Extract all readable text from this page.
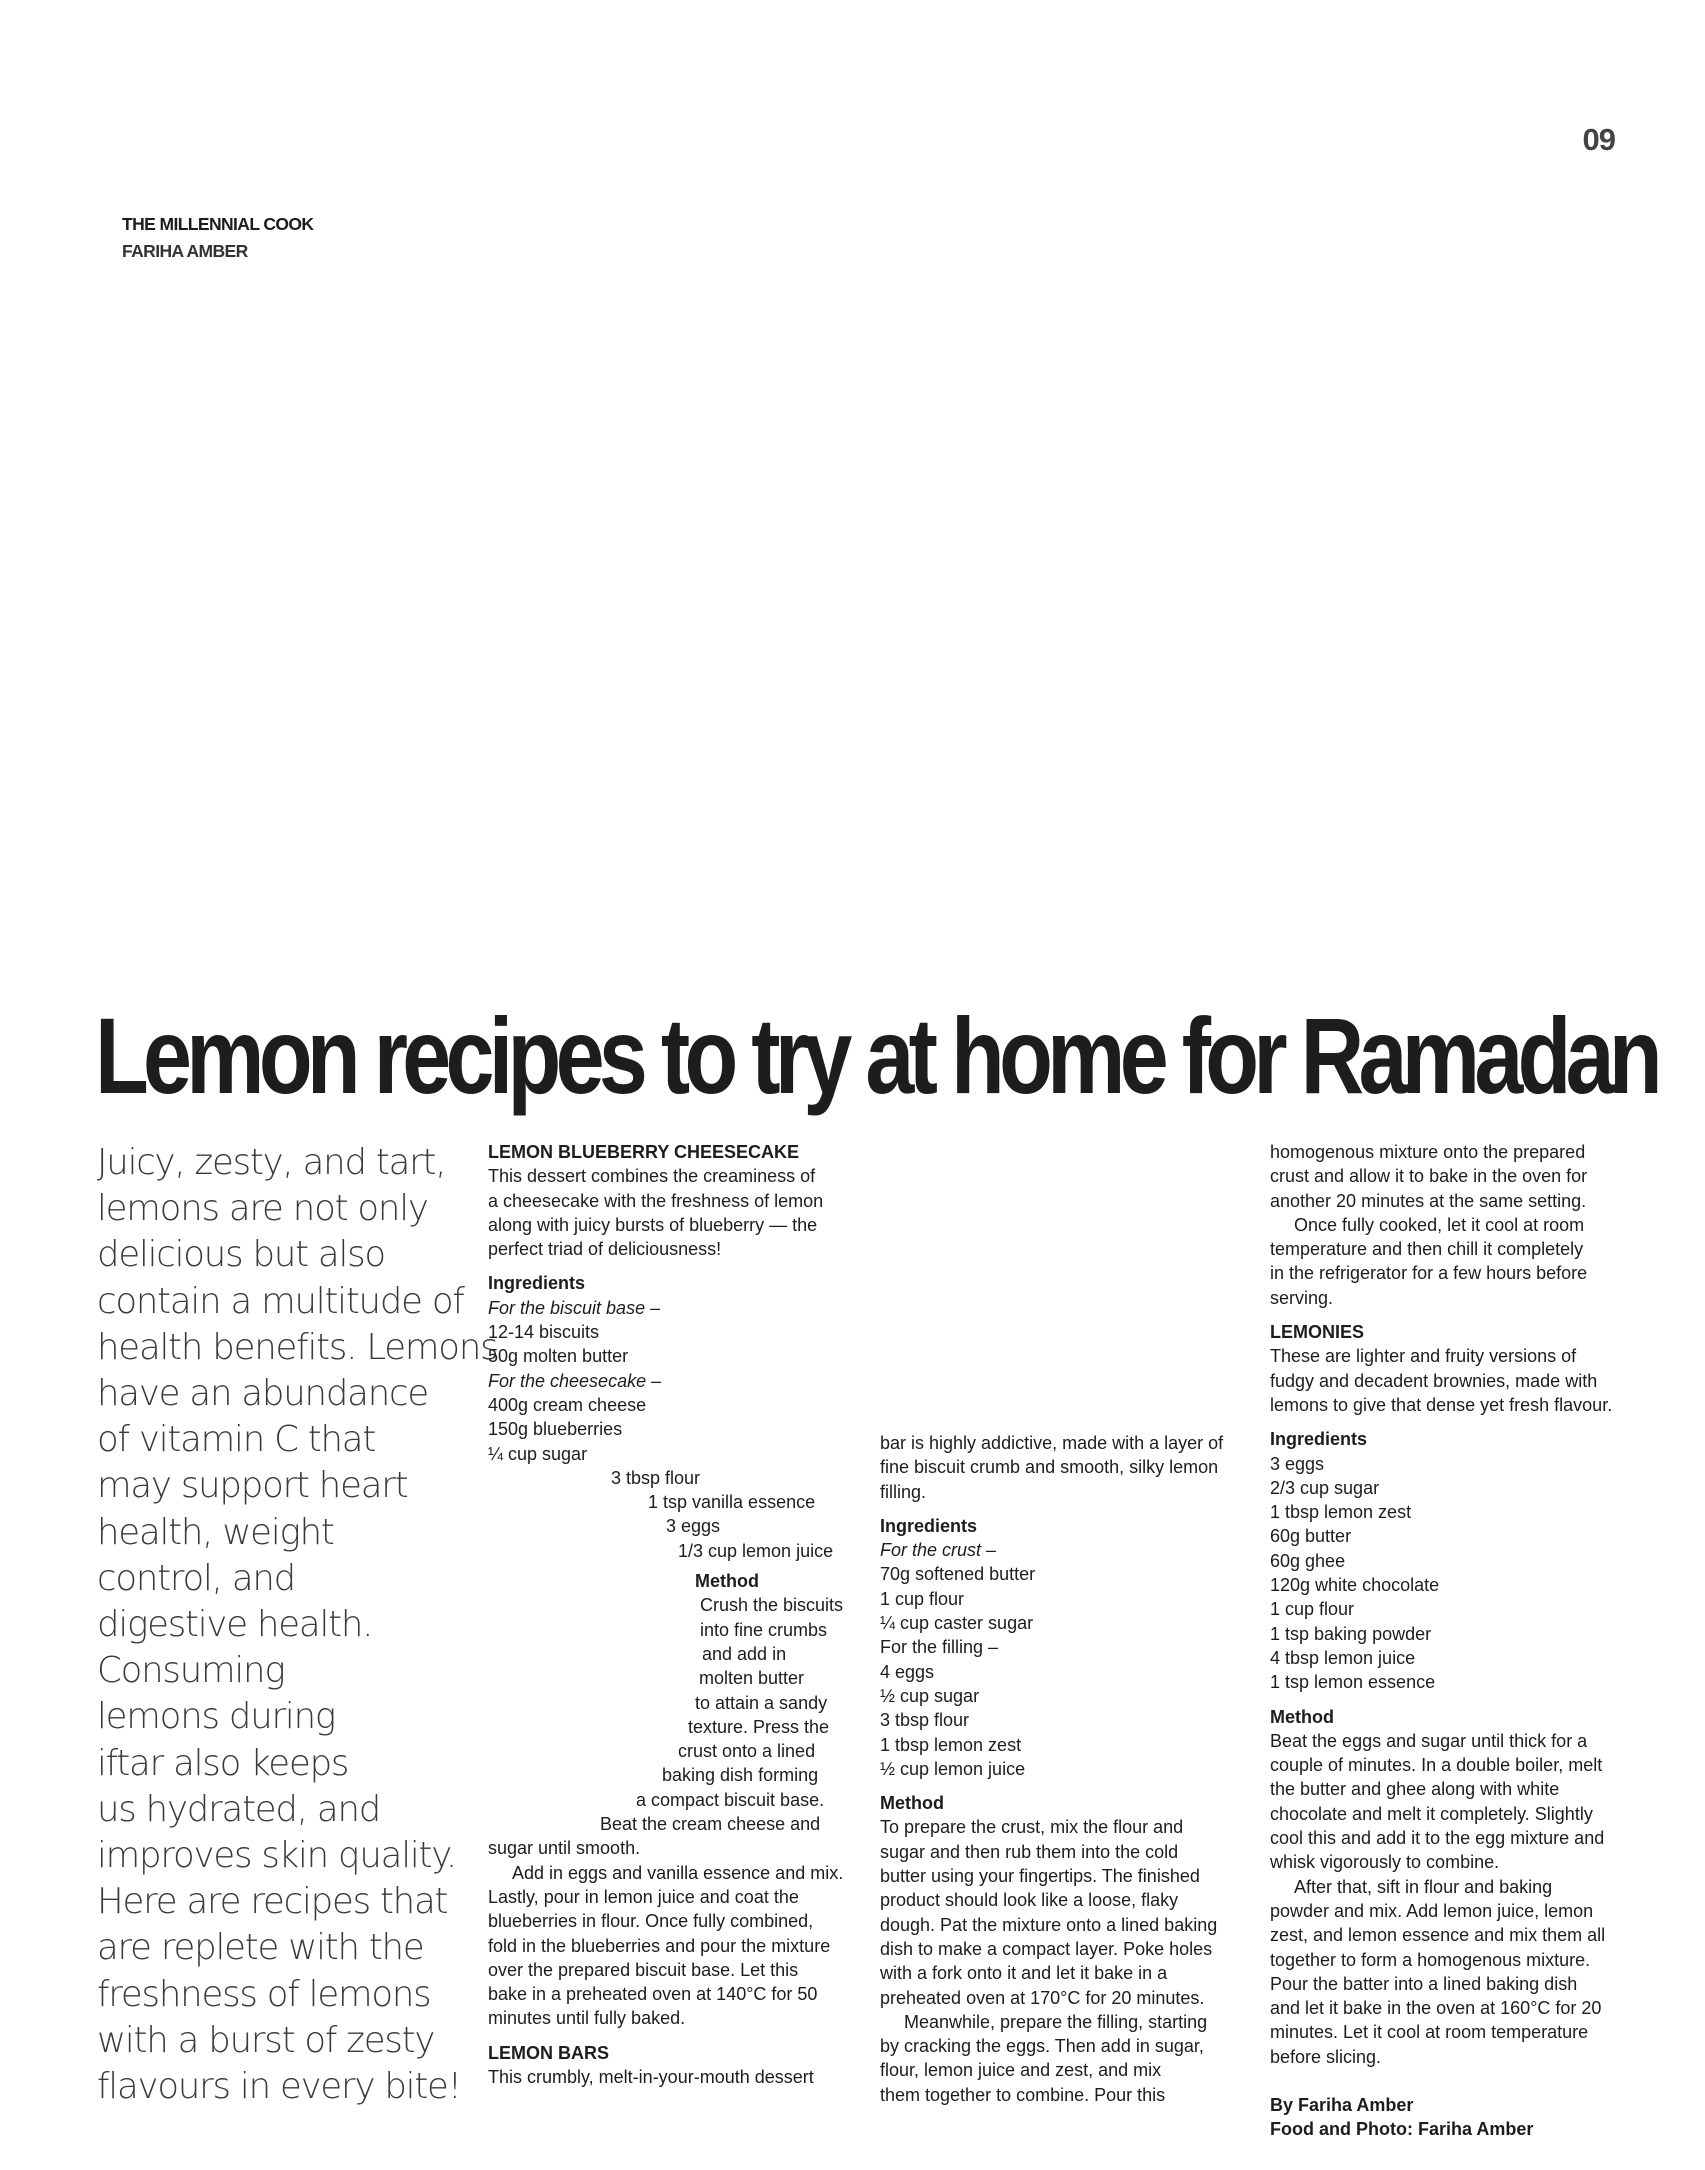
09
THE MILLENNIAL COOK
FARIHA AMBER
Lemon recipes to try at home for Ramadan
Juicy, zesty, and tart,
lemons are not only
delicious but also
contain a multitude of
health benefits. Lemons
have an abundance
of vitamin C that
may support heart
health, weight
control, and
digestive health.
Consuming
lemons during
iftar also keeps
us hydrated, and
improves skin quality.
Here are recipes that
are replete with the
freshness of lemons
with a burst of zesty
flavours in every bite!
LEMON BLUEBERRY CHEESECAKE
This dessert combines the creaminess of
a cheesecake with the freshness of lemon
along with juicy bursts of blueberry — the
perfect triad of deliciousness!
Ingredients
For the biscuit base –
12-14 biscuits
50g molten butter
For the cheesecake –
400g cream cheese
150g blueberries
¼ cup sugar
3 tbsp flour
1 tsp vanilla essence
3 eggs
1/3 cup lemon juice
Method
Crush the biscuits
into fine crumbs
and add in
molten butter
to attain a sandy
texture. Press the
crust onto a lined
baking dish forming
a compact biscuit base.
Beat the cream cheese and
sugar until smooth.
Add in eggs and vanilla essence and mix.
Lastly, pour in lemon juice and coat the
blueberries in flour. Once fully combined,
fold in the blueberries and pour the mixture
over the prepared biscuit base. Let this
bake in a preheated oven at 140°C for 50
minutes until fully baked.
LEMON BARS
This crumbly, melt-in-your-mouth dessert
bar is highly addictive, made with a layer of
fine biscuit crumb and smooth, silky lemon
filling.
Ingredients
For the crust –
70g softened butter
1 cup flour
¼ cup caster sugar
For the filling –
4 eggs
½ cup sugar
3 tbsp flour
1 tbsp lemon zest
½ cup lemon juice
Method
To prepare the crust, mix the flour and
sugar and then rub them into the cold
butter using your fingertips. The finished
product should look like a loose, flaky
dough. Pat the mixture onto a lined baking
dish to make a compact layer. Poke holes
with a fork onto it and let it bake in a
preheated oven at 170°C for 20 minutes.
Meanwhile, prepare the filling, starting
by cracking the eggs. Then add in sugar,
flour, lemon juice and zest, and mix
them together to combine. Pour this
homogenous mixture onto the prepared
crust and allow it to bake in the oven for
another 20 minutes at the same setting.
Once fully cooked, let it cool at room
temperature and then chill it completely
in the refrigerator for a few hours before
serving.
LEMONIES
These are lighter and fruity versions of
fudgy and decadent brownies, made with
lemons to give that dense yet fresh flavour.
Ingredients
3 eggs
2/3 cup sugar
1 tbsp lemon zest
60g butter
60g ghee
120g white chocolate
1 cup flour
1 tsp baking powder
4 tbsp lemon juice
1 tsp lemon essence
Method
Beat the eggs and sugar until thick for a
couple of minutes. In a double boiler, melt
the butter and ghee along with white
chocolate and melt it completely. Slightly
cool this and add it to the egg mixture and
whisk vigorously to combine.
After that, sift in flour and baking
powder and mix. Add lemon juice, lemon
zest, and lemon essence and mix them all
together to form a homogenous mixture.
Pour the batter into a lined baking dish
and let it bake in the oven at 160°C for 20
minutes. Let it cool at room temperature
before slicing.
By Fariha Amber
Food and Photo: Fariha Amber
